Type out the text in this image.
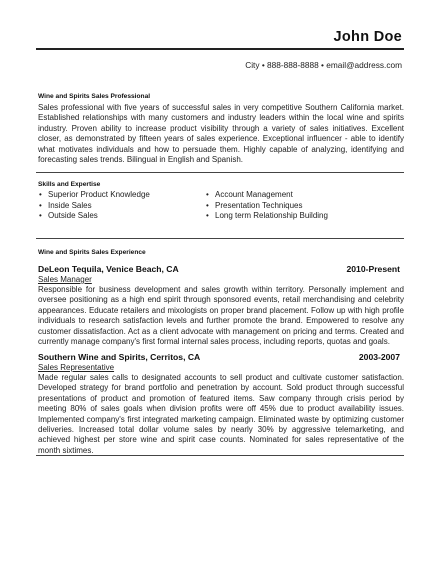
John Doe
City • 888-888-8888 • email@address.com
Wine and Spirits Sales Professional
Sales professional with five years of successful sales in very competitive Southern California market. Established relationships with many customers and industry leaders within the local wine and spirits industry. Proven ability to increase product visibility through a variety of sales initiatives. Excellent closer, as demonstrated by fifteen years of sales experience. Exceptional influencer - able to identify what motivates individuals and how to persuade them. Highly capable of analyzing, identifying and forecasting sales trends. Bilingual in English and Spanish.
Skills and Expertise
• Superior Product Knowledge
• Inside Sales
• Outside Sales
• Account Management
• Presentation Techniques
• Long term Relationship Building
Wine and Spirits Sales Experience
DeLeon Tequila, Venice Beach, CA	2010-Present
Sales Manager
Responsible for business development and sales growth within territory. Personally implement and oversee positioning as a high end spirit through sponsored events, retail merchandising and celebrity appearances. Educate retailers and mixologists on proper brand placement. Follow up with high profile individuals to research satisfaction levels and further promote the brand. Empowered to resolve any customer dissatisfaction. Act as a client advocate with management on pricing and terms. Created and currently manage company's first formal internal sales process, including reports, quotas and goals.
Southern Wine and Spirits, Cerritos, CA	2003-2007
Sales Representative
Made regular sales calls to designated accounts to sell product and cultivate customer satisfaction. Developed strategy for brand portfolio and penetration by account. Sold product through successful presentations of product and promotion of featured items. Saw company through crisis period by meeting 80% of sales goals when division profits were off 45% due to product availability issues. Implemented company's first integrated marketing campaign. Eliminated waste by optimizing customer deliveries. Increased total dollar volume sales by nearly 30% by aggressive telemarketing, and achieved highest per store wine and spirit case counts. Nominated for sales representative of the month sixtimes.
